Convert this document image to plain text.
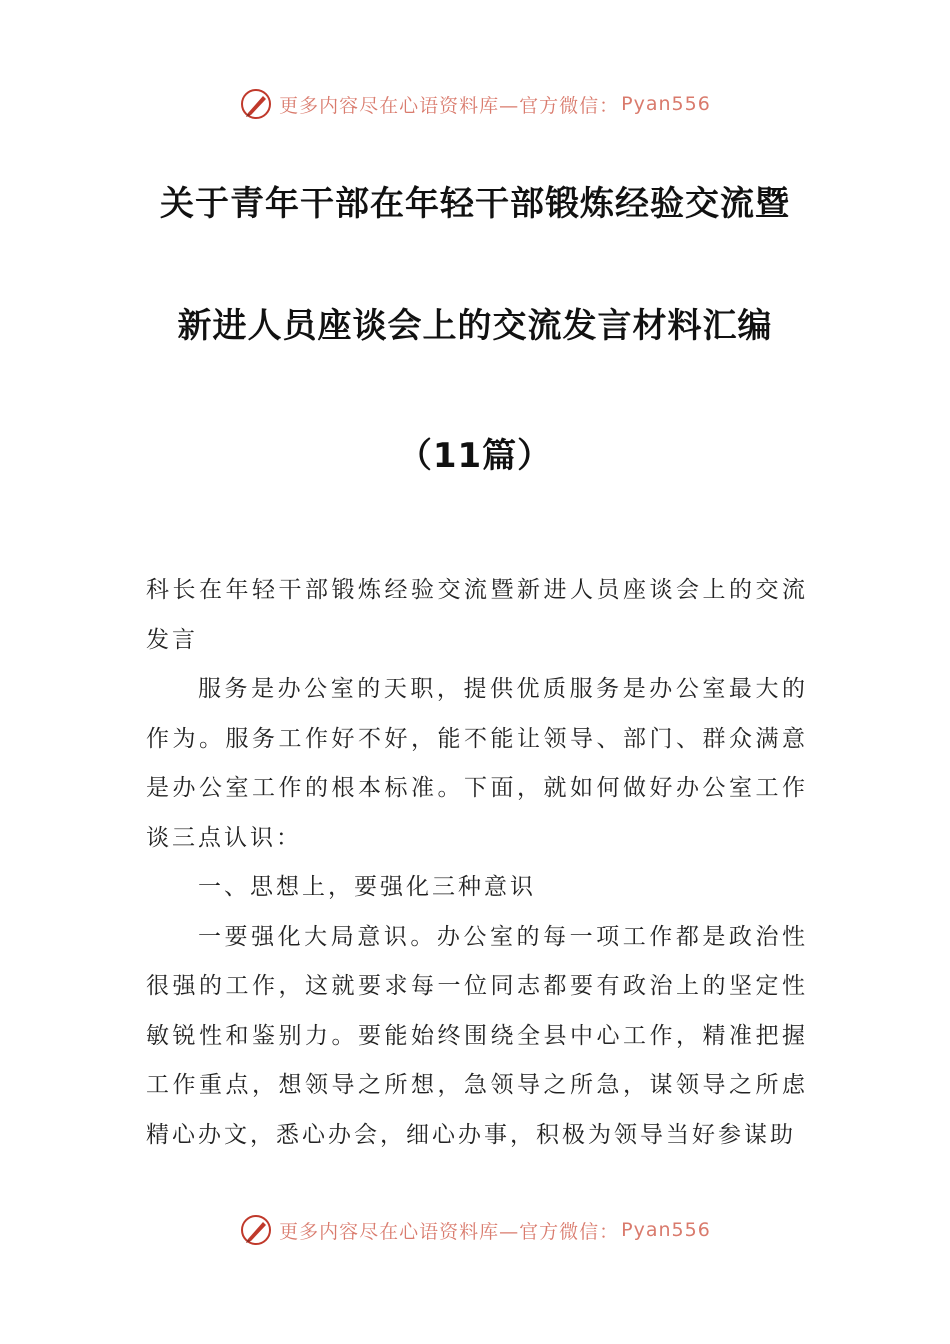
更多内容尽在心语资料库—官方微信： Pyan556
关于青年干部在年轻干部锻炼经验交流暨
新进人员座谈会上的交流发言材料汇编
（11篇）

科长在年轻干部锻炼经验交流暨新进人员座谈会上的交流发言

服务是办公室的天职，提供优质服务是办公室最大的作为。服务工作好不好，能不能让领导、部门、群众满意是办公室工作的根本标准。下面，就如何做好办公室工作谈三点认识：

一、思想上，要强化三种意识

一要强化大局意识。办公室的每一项工作都是政治性很强的工作，这就要求每一位同志都要有政治上的坚定性敏锐性和鉴别力。要能始终围绕全县中心工作，精准把握工作重点，想领导之所想，急领导之所急，谋领导之所虑精心办文，悉心办会，细心办事，积极为领导当好参谋助

更多内容尽在心语资料库—官方微信： Pyan556
